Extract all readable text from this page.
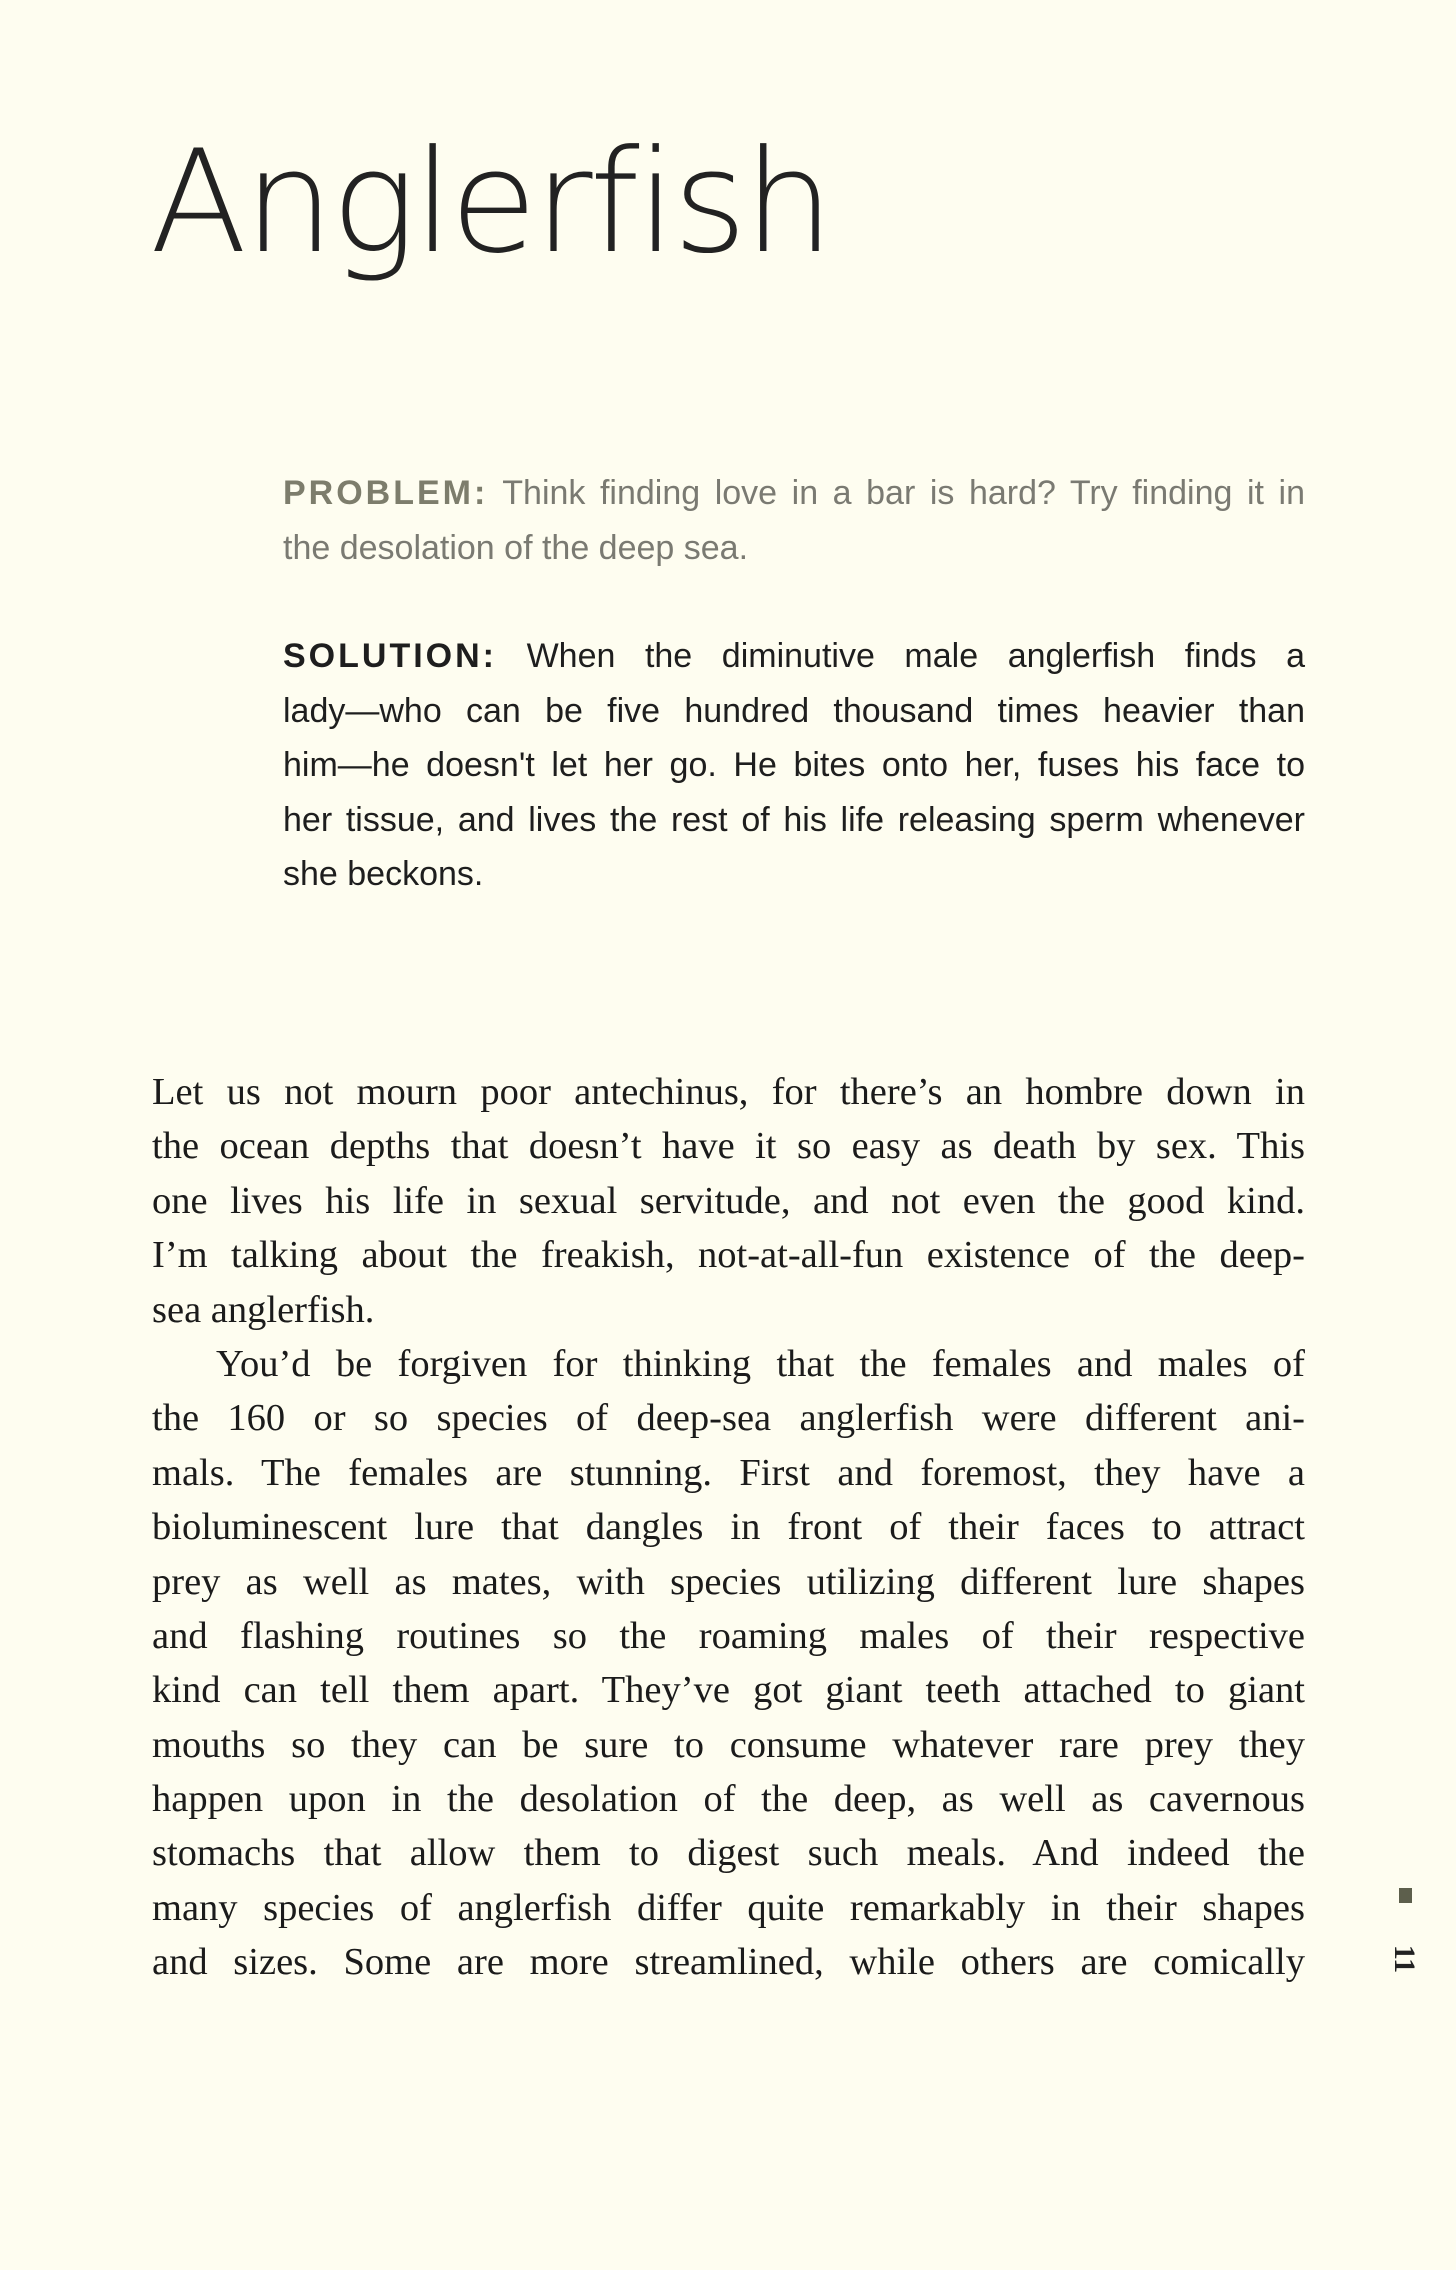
Anglerfish
PROBLEM: Think finding love in a bar is hard? Try finding it in
the desolation of the deep sea.
SOLUTION: When the diminutive male anglerfish finds a
lady—who can be five hundred thousand times heavier than
him—he doesn't let her go. He bites onto her, fuses his face to
her tissue, and lives the rest of his life releasing sperm whenever
she beckons.
Let us not mourn poor antechinus, for there’s an hombre down in
the ocean depths that doesn’t have it so easy as death by sex. This
one lives his life in sexual servitude, and not even the good kind.
I’m talking about the freakish, not-at-all-fun existence of the deep-
sea anglerfish.
You’d be forgiven for thinking that the females and males of
the 160 or so species of deep-sea anglerfish were different ani-
mals. The females are stunning. First and foremost, they have a
bioluminescent lure that dangles in front of their faces to attract
prey as well as mates, with species utilizing different lure shapes
and flashing routines so the roaming males of their respective
kind can tell them apart. They’ve got giant teeth attached to giant
mouths so they can be sure to consume whatever rare prey they
happen upon in the desolation of the deep, as well as cavernous
stomachs that allow them to digest such meals. And indeed the
many species of anglerfish differ quite remarkably in their shapes
and sizes. Some are more streamlined, while others are comically	11
